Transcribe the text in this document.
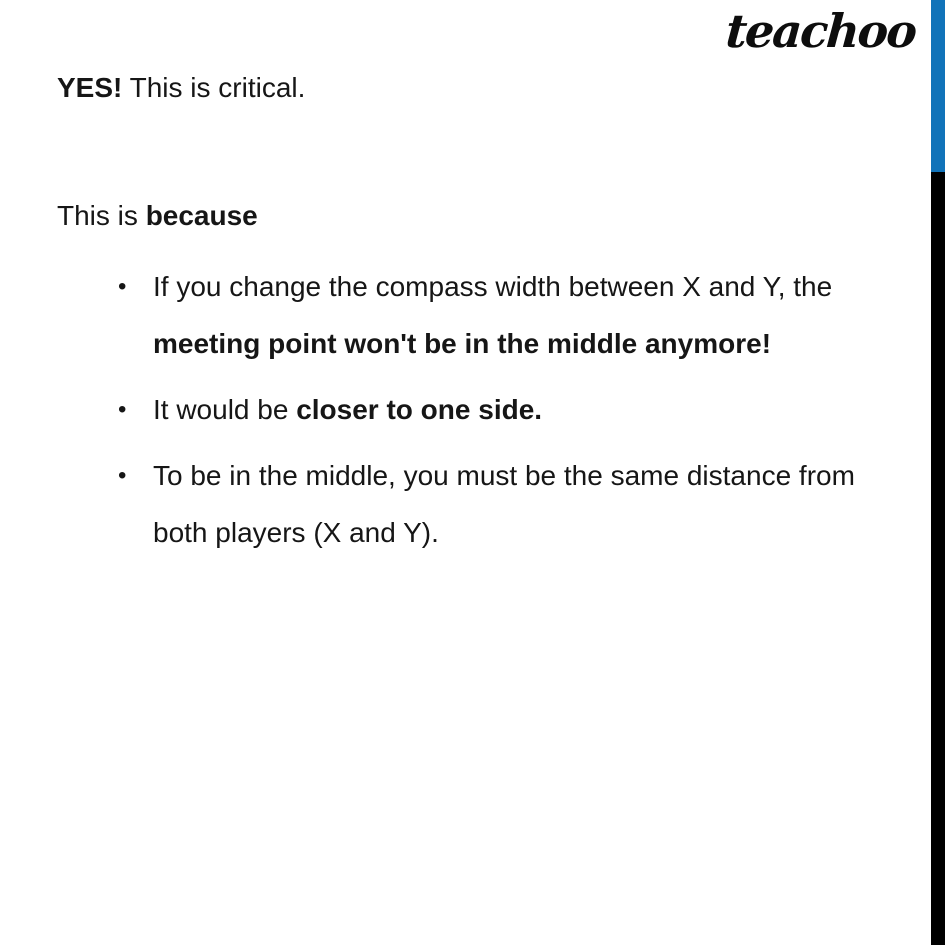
teachoo
YES! This is critical.
This is because
• If you change the compass width between X and Y, the
meeting point won't be in the middle anymore!
• It would be closer to one side.
• To be in the middle, you must be the same distance from
both players (X and Y).
